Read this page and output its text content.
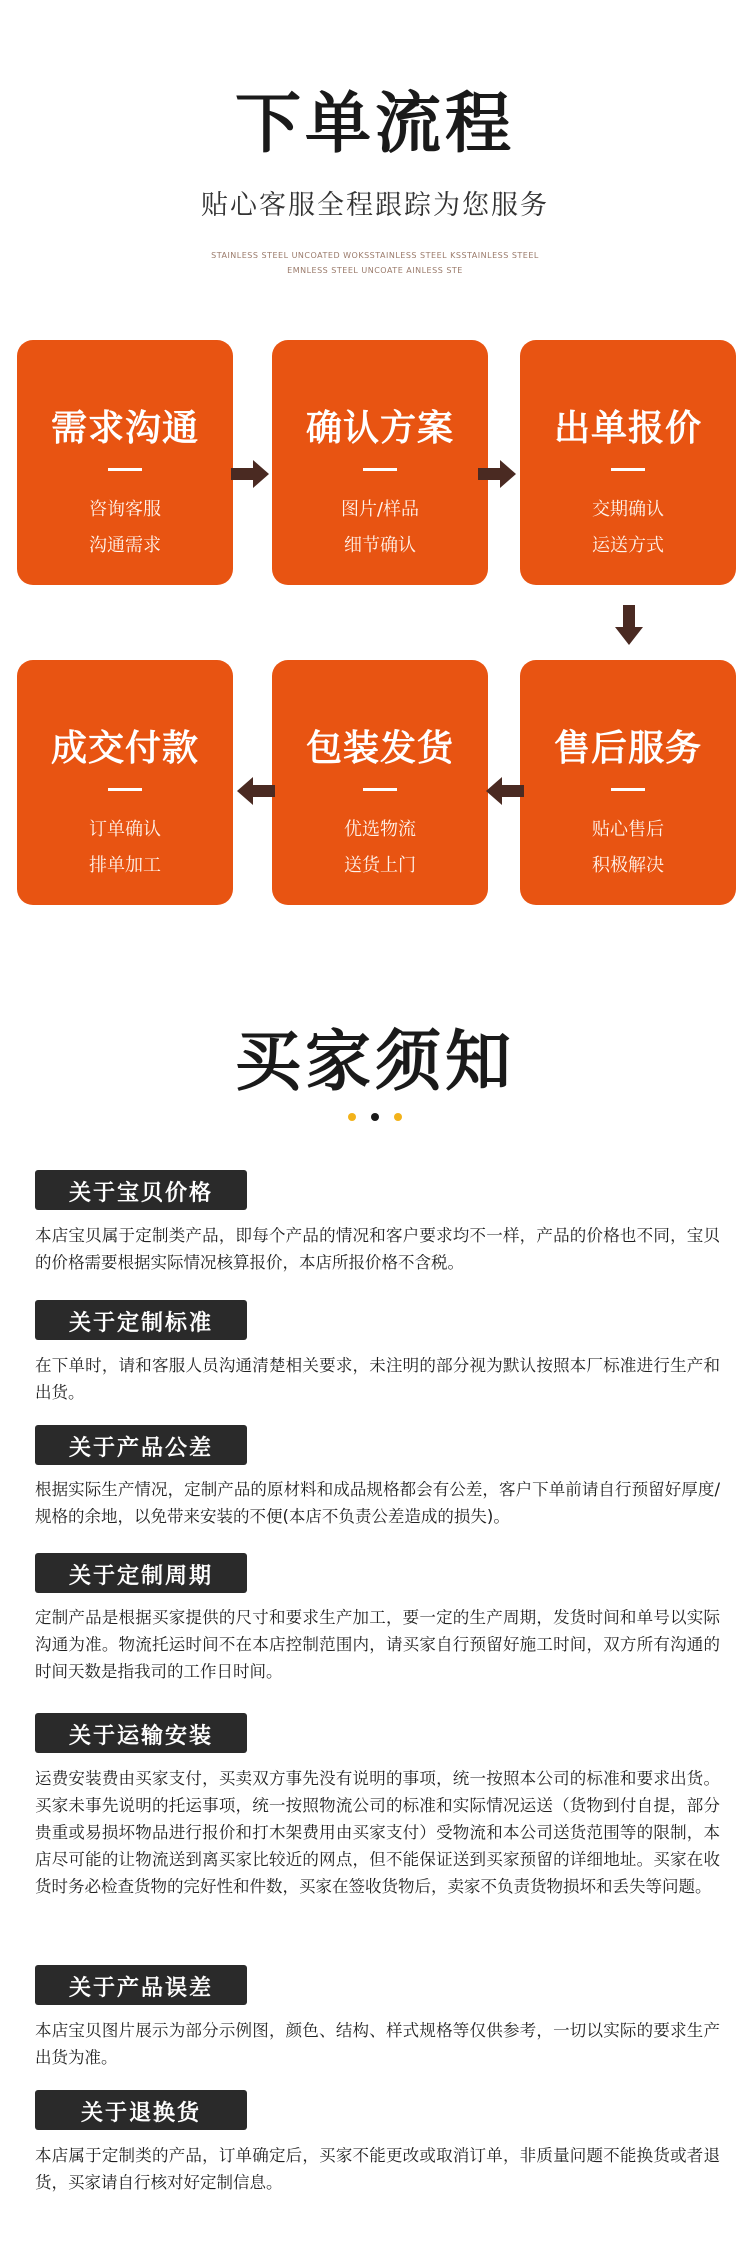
下单流程
贴心客服全程跟踪为您服务
STAINLESS STEEL UNCOATED WOKSSTAINLESS STEEL KSSTAINLESS STEEL
EMNLESS STEEL UNCOATE AINLESS STE
需求沟通
咨询客服
沟通需求
确认方案
图片/样品
细节确认
出单报价
交期确认
运送方式
售后服务
贴心售后
积极解决
包装发货
优选物流
送货上门
成交付款
订单确认
排单加工
买家须知
关于宝贝价格

本店宝贝属于定制类产品，即每个产品的情况和客户要求均不一样，产品的价格也不同，宝贝的价格需要根据实际情况核算报价，本店所报价格不含税。

关于定制标准

在下单时，请和客服人员沟通清楚相关要求，未注明的部分视为默认按照本厂标准进行生产和出货。

关于产品公差

根据实际生产情况，定制产品的原材料和成品规格都会有公差，客户下单前请自行预留好厚度/规格的余地，以免带来安装的不便(本店不负责公差造成的损失)。

关于定制周期

定制产品是根据买家提供的尺寸和要求生产加工，要一定的生产周期，发货时间和单号以实际沟通为准。物流托运时间不在本店控制范围内，请买家自行预留好施工时间，双方所有沟通的时间天数是指我司的工作日时间。

关于运输安装

运费安装费由买家支付，买卖双方事先没有说明的事项，统一按照本公司的标准和要求出货。买家未事先说明的托运事项，统一按照物流公司的标准和实际情况运送（货物到付自提，部分贵重或易损坏物品进行报价和打木架费用由买家支付）受物流和本公司送货范围等的限制，本店尽可能的让物流送到离买家比较近的网点，但不能保证送到买家预留的详细地址。买家在收货时务必检查货物的完好性和件数，买家在签收货物后，卖家不负责货物损坏和丢失等问题。

关于产品误差

本店宝贝图片展示为部分示例图，颜色、结构、样式规格等仅供参考，一切以实际的要求生产出货为准。

关于退换货

本店属于定制类的产品，订单确定后，买家不能更改或取消订单，非质量问题不能换货或者退货，买家请自行核对好定制信息。
